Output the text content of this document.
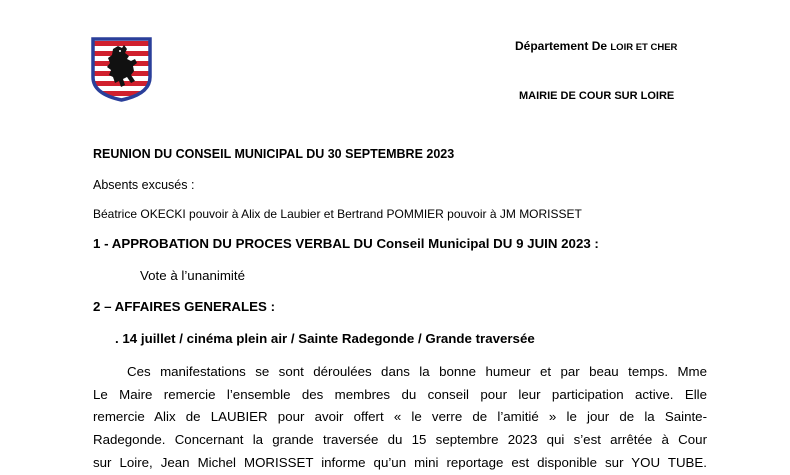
Département De LOIR ET CHER
MAIRIE DE COUR SUR LOIRE
REUNION DU CONSEIL MUNICIPAL DU 30 SEPTEMBRE 2023
Absents excusés :
Béatrice OKECKI pouvoir à Alix de Laubier et Bertrand POMMIER pouvoir à JM MORISSET
1 - APPROBATION DU PROCES VERBAL DU Conseil Municipal DU 9 JUIN 2023 :
Vote à l’unanimité
2 – AFFAIRES GENERALES :
. 14 juillet / cinéma plein air / Sainte Radegonde / Grande traversée
Ces manifestations se sont déroulées dans la bonne humeur et par beau temps. Mme
Le Maire remercie l’ensemble des membres du conseil pour leur participation active. Elle
remercie Alix de LAUBIER pour avoir offert « le verre de l’amitié » le jour de la Sainte-
Radegonde. Concernant la grande traversée du 15 septembre 2023 qui s’est arrêtée à Cour
sur Loire, Jean Michel MORISSET informe qu’un mini reportage est disponible sur YOU TUBE.
